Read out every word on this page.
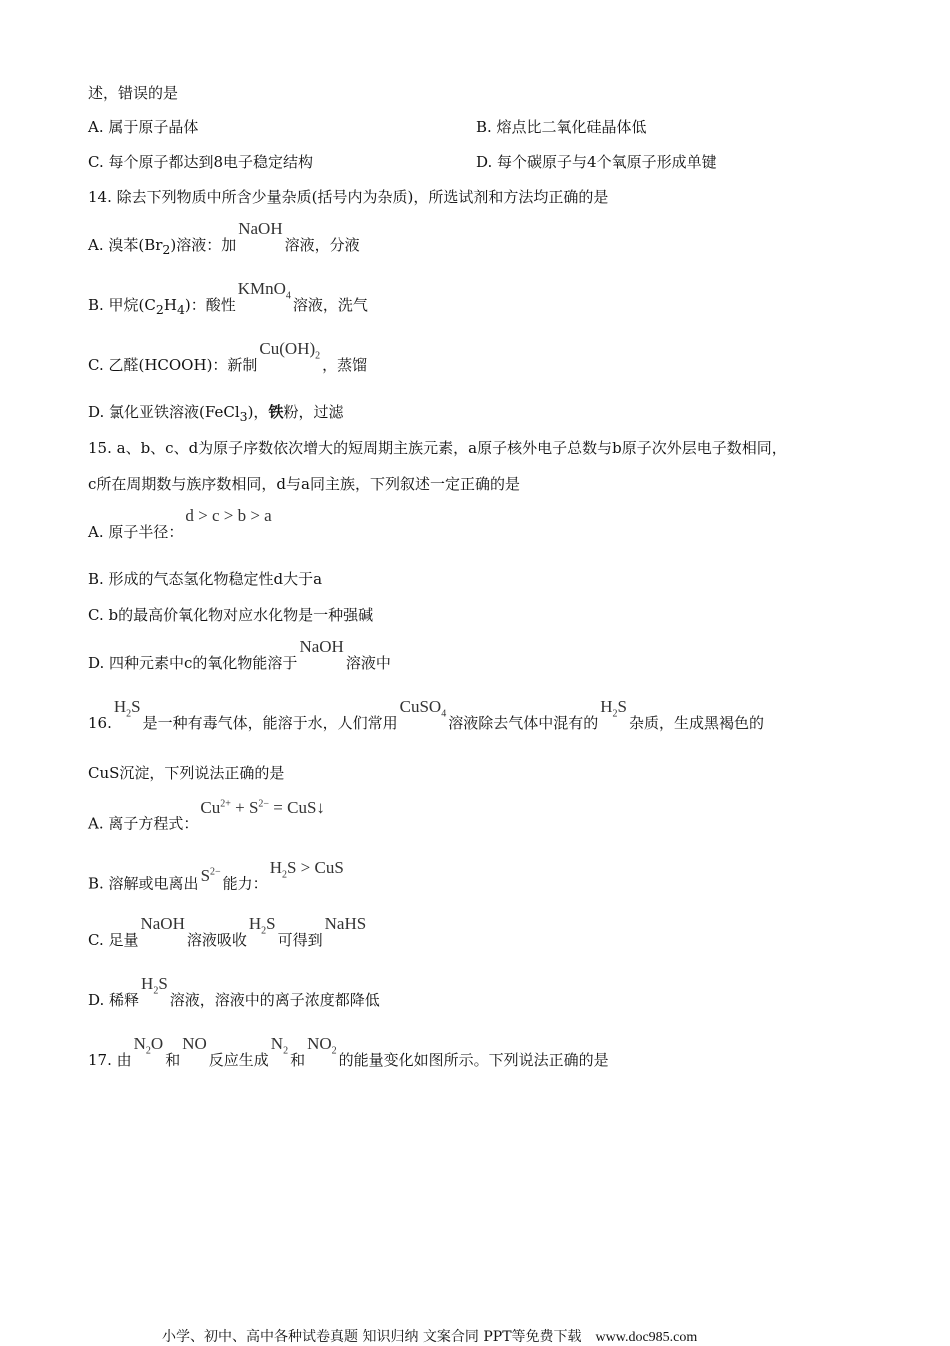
述，错误的是
A. 属于原子晶体	B. 熔点比二氧化硅晶体低
C. 每个原子都达到8电子稳定结构	D. 每个碳原子与4个氧原子形成单键
14. 除去下列物质中所含少量杂质(括号内为杂质)，所选试剂和方法均正确的是
A. 溴苯$(Br_2)$溶液：加NaOH溶液，分液
B. 甲烷$(C_2H_4)$：酸性KMnO$_4$溶液，洗气
C. 乙醛(HCOOH)：新制$Cu(OH)_2$，蒸馏
D. 氯化亚铁溶液(FeCl$_3$)，铁粉，过滤
15. a、b、c、d为原子序数依次增大的短周期主族元素，a原子核外电子总数与b原子次外层电子数相同，
c所在周期数与族序数相同，d与a同主族，下列叙述一定正确的是
A. 原子半径：d > c > b > a
B. 形成的气态氢化物稳定性d大于a
C. b的最高价氧化物对应水化物是一种强碱
D. 四种元素中c的氧化物能溶于NaOH溶液中
$16.H_2S$是一种有毒气体，能溶于水，人们常用CuSO$_4$溶液除去气体中混有的$H_2S$杂质，生成黑褐色的
CuS沉淀，下列说法正确的是
A. 离子方程式：$Cu^{2+} + S^{2-}$ = CuS↓
B. 溶解或电离出 $S^{2-}$能力：$H_2S$ > CuS
C. 足量NaOH溶液吸收$H_2S$可得到NaHS
D. 稀释$H_2S$溶液，溶液中的离子浓度都降低
17. 由$N_2O$和NO反应生成$N_2$和$NO_2$的能量变化如图所示。下列说法正确的是
小学、初中、高中各种试卷真题 知识归纳 文案合同 PPT等免费下载 www.doc985.com
